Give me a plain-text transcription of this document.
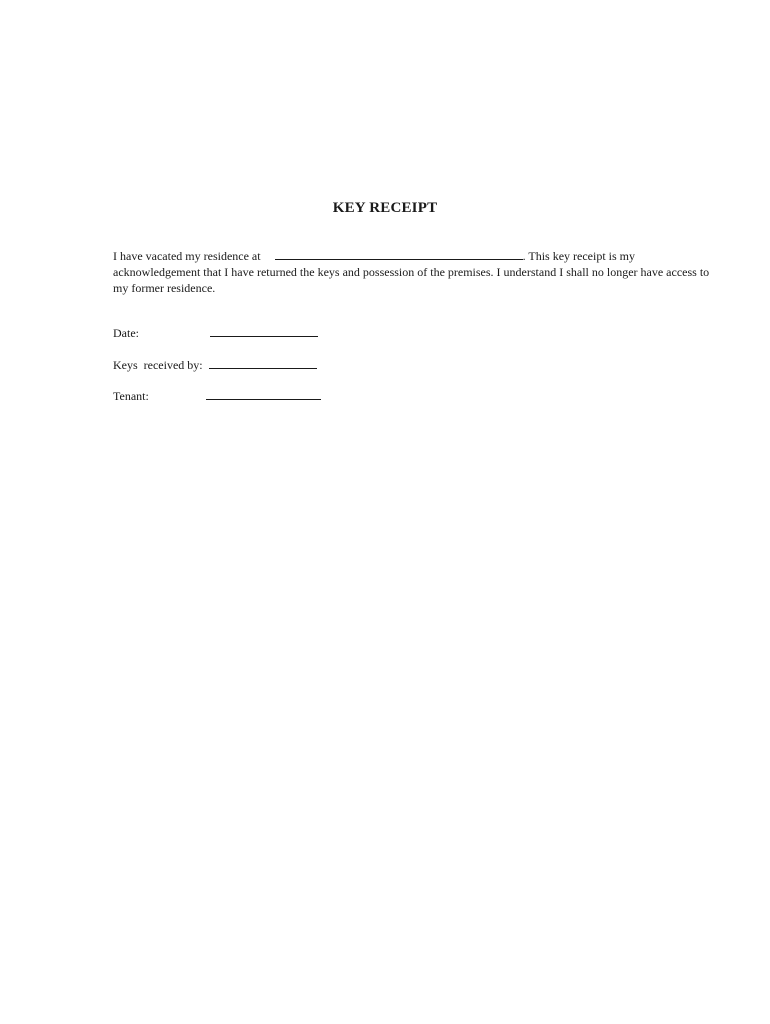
KEY RECEIPT

I have vacated my residence at	. This key receipt is my acknowledgement that I have returned the keys and possession of the premises. I understand I shall no longer have access to my former residence.

Date:
Keys  received by:
Tenant:
